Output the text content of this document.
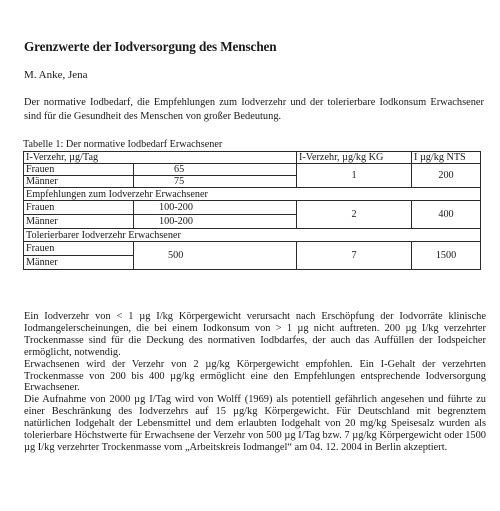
Grenzwerte der Iodversorgung des Menschen
M. Anke, Jena
Der normative Iodbedarf, die Empfehlungen zum Iodverzehr und der tolerierbare Iodkonsum Erwachsener sind für die Gesundheit des Menschen von großer Bedeutung.
Tabelle 1: Der normative Iodbedarf Erwachsener
I-Verzehr, µg/Tag		I-Verzehr, µg/kg KG	I µg/kg NTS
Frauen	65	1	200
Männer	75		
Empfehlungen zum Iodverzehr Erwachsener			
Frauen	100-200	2	400
Männer	100-200		
Tolerierbarer Iodverzehr Erwachsener			
Frauen	500	7	1500
Männer			

Ein Iodverzehr von < 1 µg I/kg Körpergewicht verursacht nach Erschöpfung der Iodvorräte klinische Iodmangelerscheinungen, die bei einem Iodkonsum von > 1 µg nicht auftreten. 200 µg I/kg verzehrter Trockenmasse sind für die Deckung des normativen Iodbdarfes, der auch das Auffüllen der Iodspeicher ermöglicht, notwendig.

Erwachsenen wird der Verzehr von 2 µg/kg Körpergewicht empfohlen. Ein I-Gehalt der verzehrten Trockenmasse von 200 bis 400 µg/kg ermöglicht eine den Empfehlungen entsprechende Iodversorgung Erwachsener.

Die Aufnahme von 2000 µg I/Tag wird von Wolff (1969) als potentiell gefährlich angesehen und führte zu einer Beschränkung des Iodverzehrs auf 15 µg/kg Körpergewicht. Für Deutschland mit begrenztem natürlichen Iodgehalt der Lebensmittel und dem erlaubten Iodgehalt von 20 mg/kg Speisesalz wurden als tolerierbare Höchstwerte für Erwachsene der Verzehr von 500 µg I/Tag bzw. 7 µg/kg Körpergewicht oder 1500 µg I/kg verzehrter Trockenmasse vom „Arbeitskreis Iodmangel“ am 04. 12. 2004 in Berlin akzeptiert.
